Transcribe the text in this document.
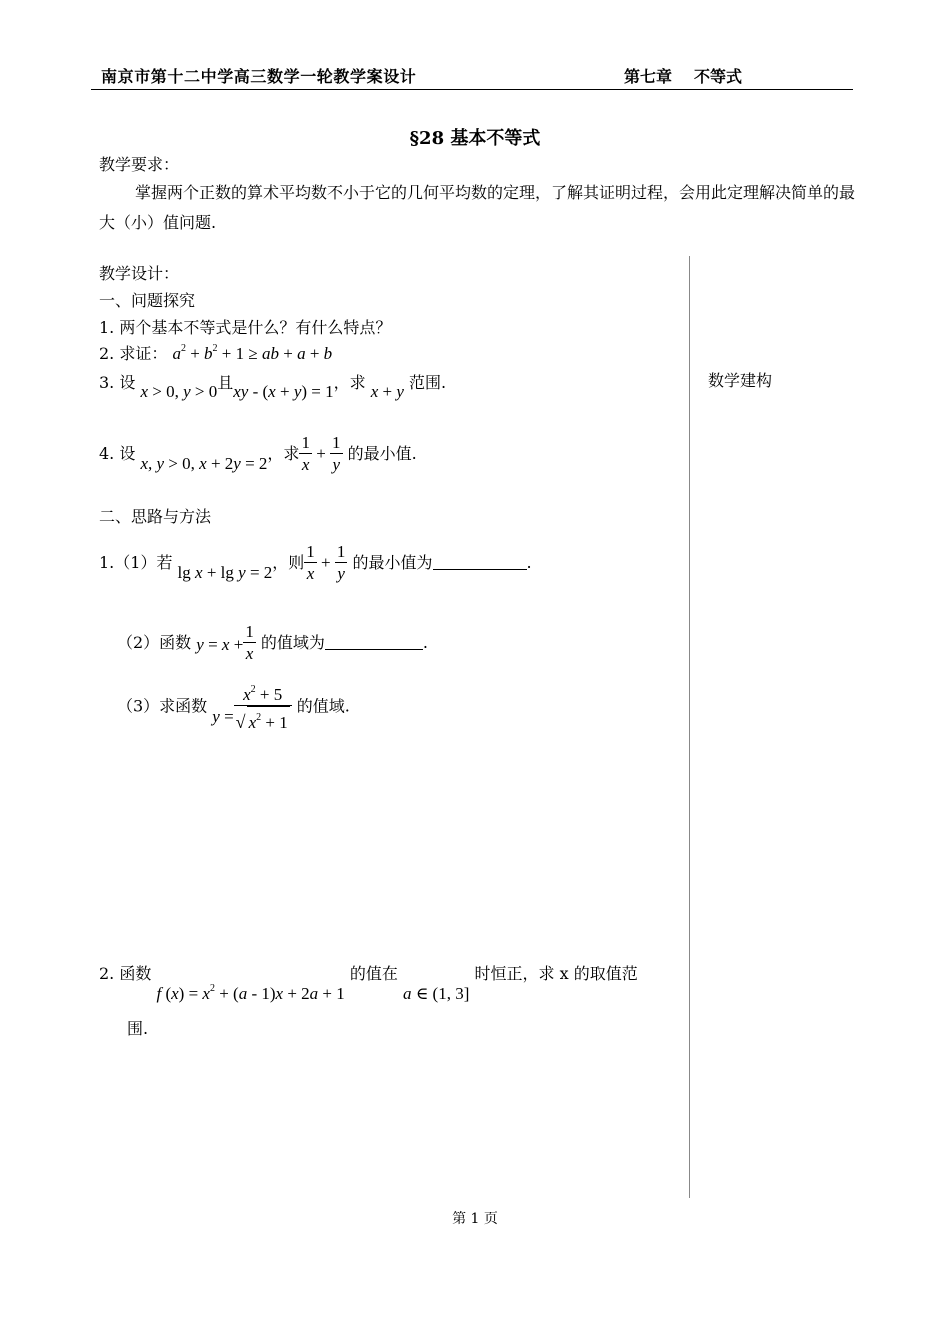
南京市第十二中学高三数学一轮教学案设计	第七章 不等式
§28 基本不等式
教学要求：
掌握两个正数的算术平均数不小于它的几何平均数的定理，了解其证明过程，会用此定理解决简单的最大（小）值问题.
数学建构
教学设计：
一、问题探究
1. 两个基本不等式是什么？有什么特点？
2. 求证： $a^2 + b^2 + 1$ ≥ ab + a + b
3. 设 x > 0, y > 0且xy - (x + y) = 1，求 x + y 范围.
4. 设 x, y > 0, x + 2y = 2，求 $\frac{1}{x} + \frac{1}{y}$ 的最小值.
二、思路与方法
1.（1）若 lg x + lg y = 2，则 $\frac{1}{x} + \frac{1}{y}$ 的最小值为	.
（2）函数 $y = x + \frac{1}{x}$ 的值域为	.
（3）求函数 $y = \frac{x^2 + 5}{√ x^2 + 1}$ 的值域.
2. 函数 f $(x) = x^2 + (a - 1)x + 2a + 1$ 的值在 a ∈ (1, 3] 时恒正，求 x 的取值范
围.
第 1 页
